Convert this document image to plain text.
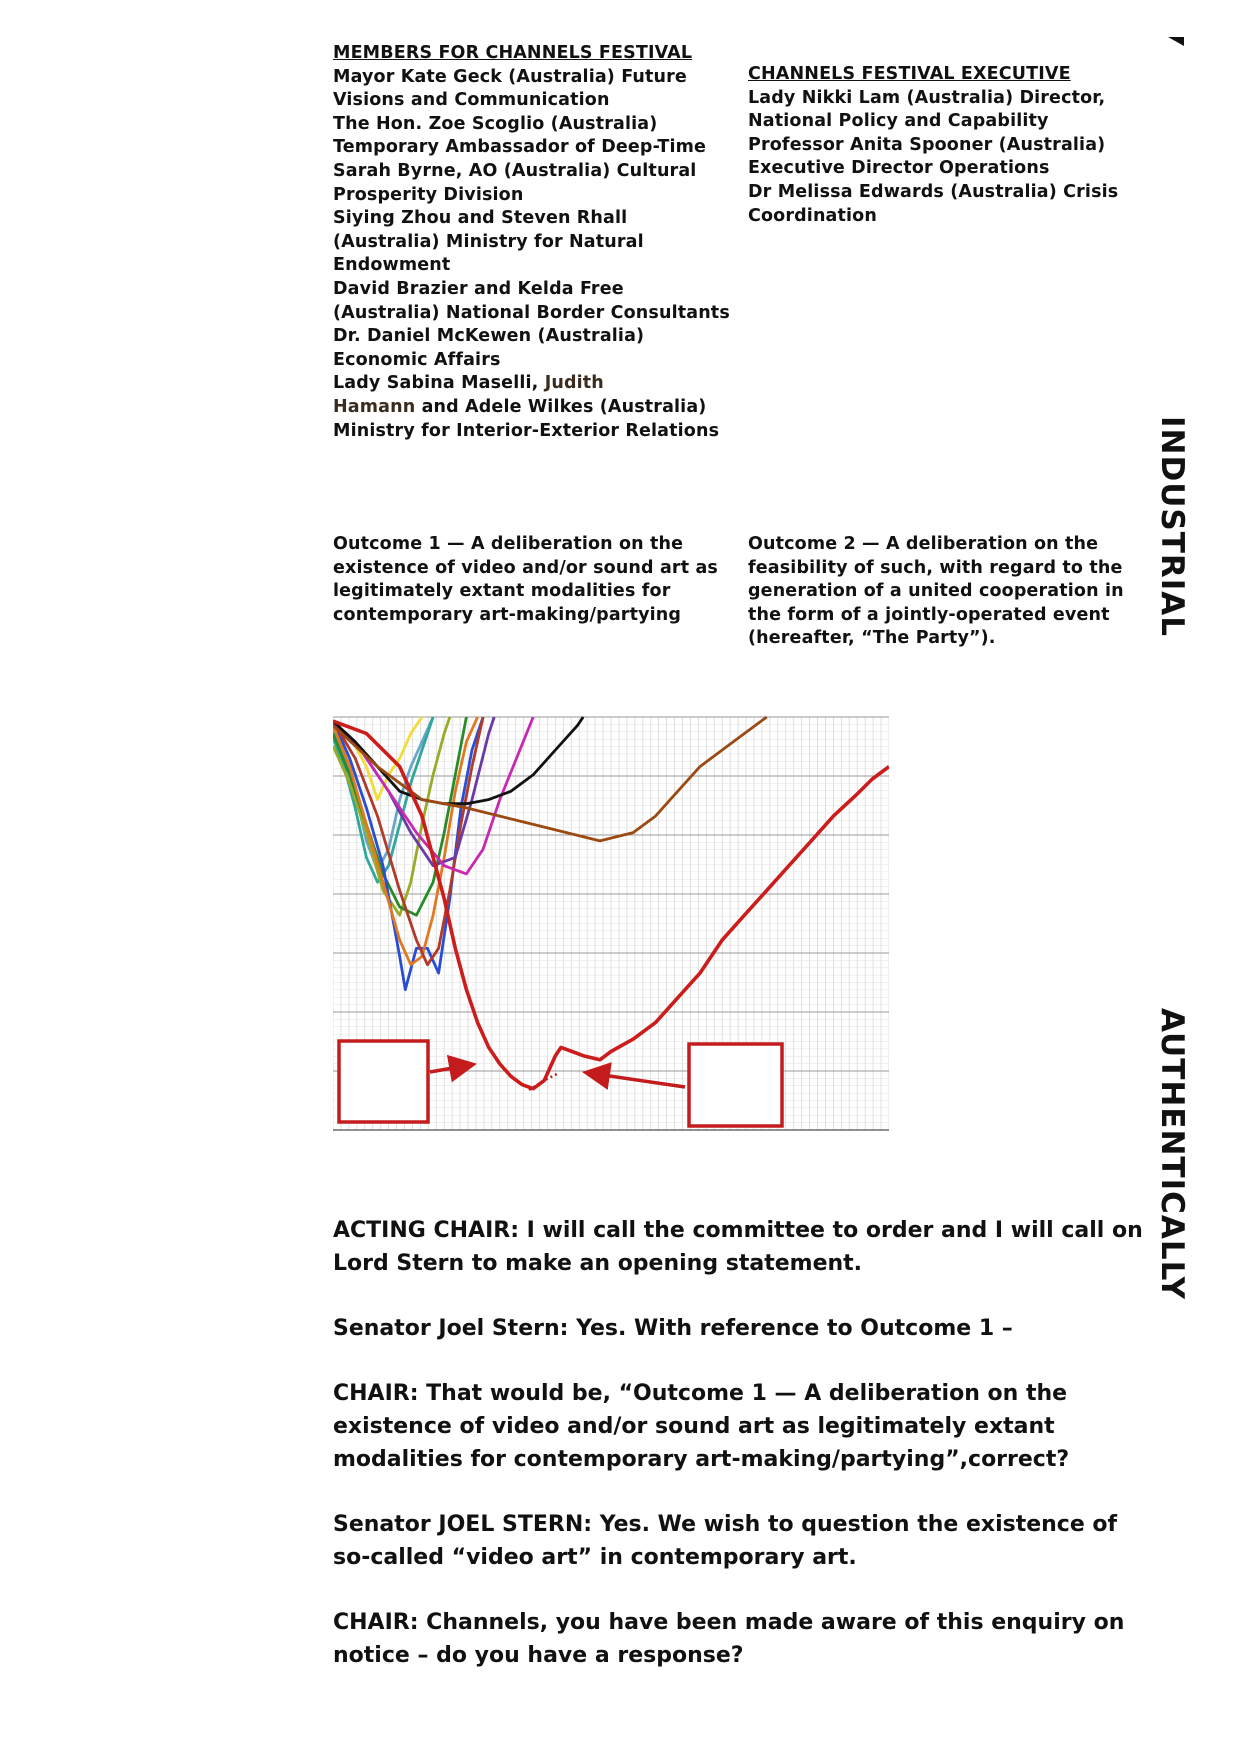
MEMBERS FOR CHANNELS FESTIVAL
Mayor Kate Geck (Australia) Future
Visions and Communication
The Hon. Zoe Scoglio (Australia)
Temporary Ambassador of Deep-Time
Sarah Byrne, AO (Australia) Cultural
Prosperity Division
Siying Zhou and Steven Rhall
(Australia) Ministry for Natural
Endowment
David Brazier and Kelda Free
(Australia) National Border Consultants
Dr. Daniel McKewen (Australia)
Economic Affairs
Lady Sabina Maselli, Judith
Hamann and Adele Wilkes (Australia)
Ministry for Interior-Exterior Relations
CHANNELS FESTIVAL EXECUTIVE
Lady Nikki Lam (Australia) Director,
National Policy and Capability
Professor Anita Spooner (Australia)
Executive Director Operations
Dr Melissa Edwards (Australia) Crisis
Coordination
Outcome 1 — A deliberation on the
existence of video and/or sound art as
legitimately extant modalities for
contemporary art-making/partying
Outcome 2 — A deliberation on the
feasibility of such, with regard to the
generation of a united cooperation in
the form of a jointly-operated event
(hereafter, “The Party”).

ACTING CHAIR: I will call the committee to order and I will call on
Lord Stern to make an opening statement.

Senator Joel Stern: Yes. With reference to Outcome 1 –

CHAIR: That would be, “Outcome 1 — A deliberation on the
existence of video and/or sound art as legitimately extant
modalities for contemporary art-making/partying”,correct?

Senator JOEL STERN: Yes. We wish to question the existence of
so-called “video art” in contemporary art.

CHAIR: Channels, you have been made aware of this enquiry on
notice – do you have a response?

INDUSTRIAL
AUTHENTICALLY
